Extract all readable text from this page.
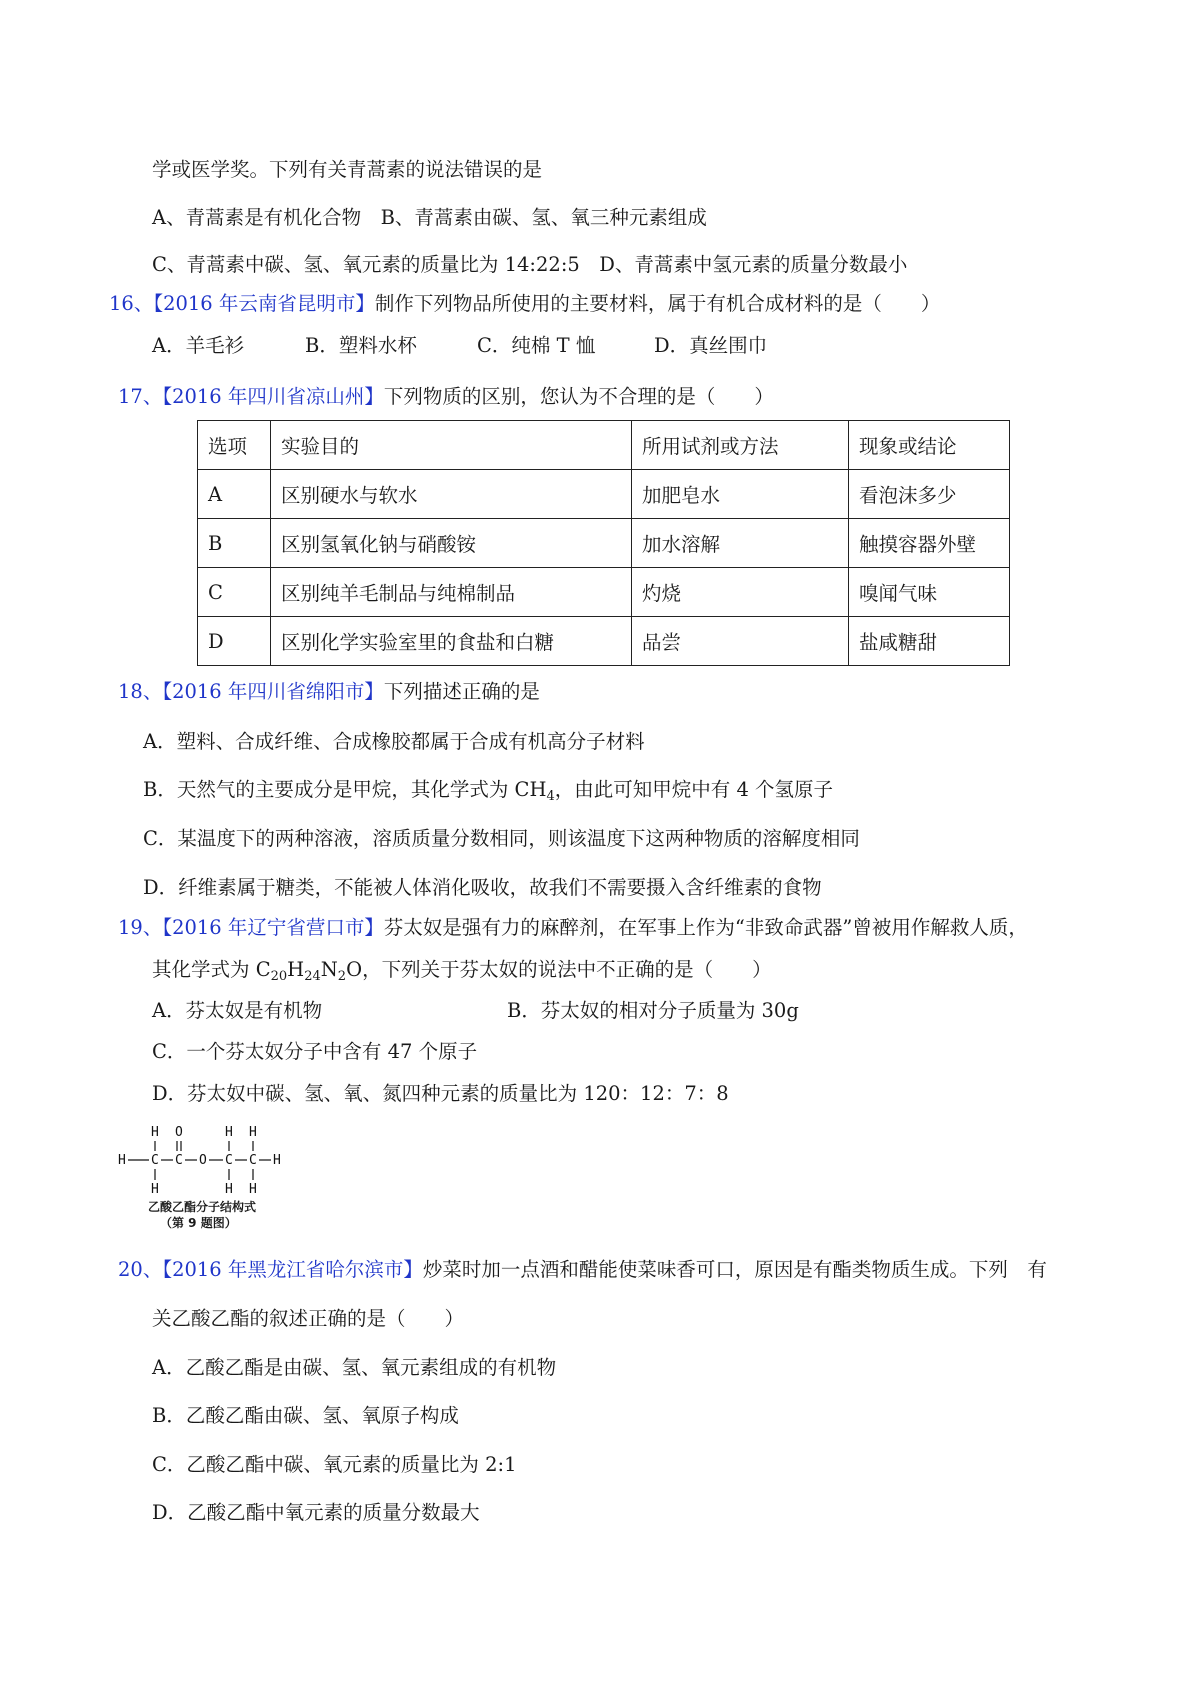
学或医学奖。下列有关青蒿素的说法错误的是
A、青蒿素是有机化合物　B、青蒿素由碳、氢、氧三种元素组成
C、青蒿素中碳、氢、氧元素的质量比为 14:22:5　D、青蒿素中氢元素的质量分数最小
16、【2016 年云南省昆明市】制作下列物品所使用的主要材料，属于有机合成材料的是（　　）
A．羊毛衫	B．塑料水杯	C．纯棉 T 恤	D．真丝围巾
17、【2016 年四川省凉山州】下列物质的区别，您认为不合理的是（　　）
选项	实验目的	所用试剂或方法	现象或结论
A	区别硬水与软水	加肥皂水	看泡沫多少
B	区别氢氧化钠与硝酸铵	加水溶解	触摸容器外壁
C	区别纯羊毛制品与纯棉制品	灼烧	嗅闻气味
D	区别化学实验室里的食盐和白糖	品尝	盐咸糖甜
18、【2016 年四川省绵阳市】下列描述正确的是
A．塑料、合成纤维、合成橡胶都属于合成有机高分子材料
B．天然气的主要成分是甲烷，其化学式为 $CH_4$，由此可知甲烷中有 4 个氢原子
C．某温度下的两种溶液，溶质质量分数相同，则该温度下这两种物质的溶解度相同
D．纤维素属于糖类，不能被人体消化吸收，故我们不需要摄入含纤维素的食物
19、【2016 年辽宁省营口市】芬太奴是强有力的麻醉剂，在军事上作为“非致命武器”曾被用作解救人质，
其化学式为 $C_{20}H_{24}N_2O$，下列关于芬太奴的说法中不正确的是（　　）
A．芬太奴是有机物	B．芬太奴的相对分子质量为 30g
C．一个芬太奴分子中含有 47 个原子
D．芬太奴中碳、氢、氧、氮四种元素的质量比为 120：12：7：8
H O	H H
H C C O C C H
H	H H
乙酸乙酯分子结构式
（第 9 题图）
20、【2016 年黑龙江省哈尔滨市】炒菜时加一点酒和醋能使菜味香可口，原因是有酯类物质生成。下列　有
关乙酸乙酯的叙述正确的是（　　）
A．乙酸乙酯是由碳、氢、氧元素组成的有机物
B．乙酸乙酯由碳、氢、氧原子构成
C．乙酸乙酯中碳、氧元素的质量比为 2:1
D．乙酸乙酯中氧元素的质量分数最大
